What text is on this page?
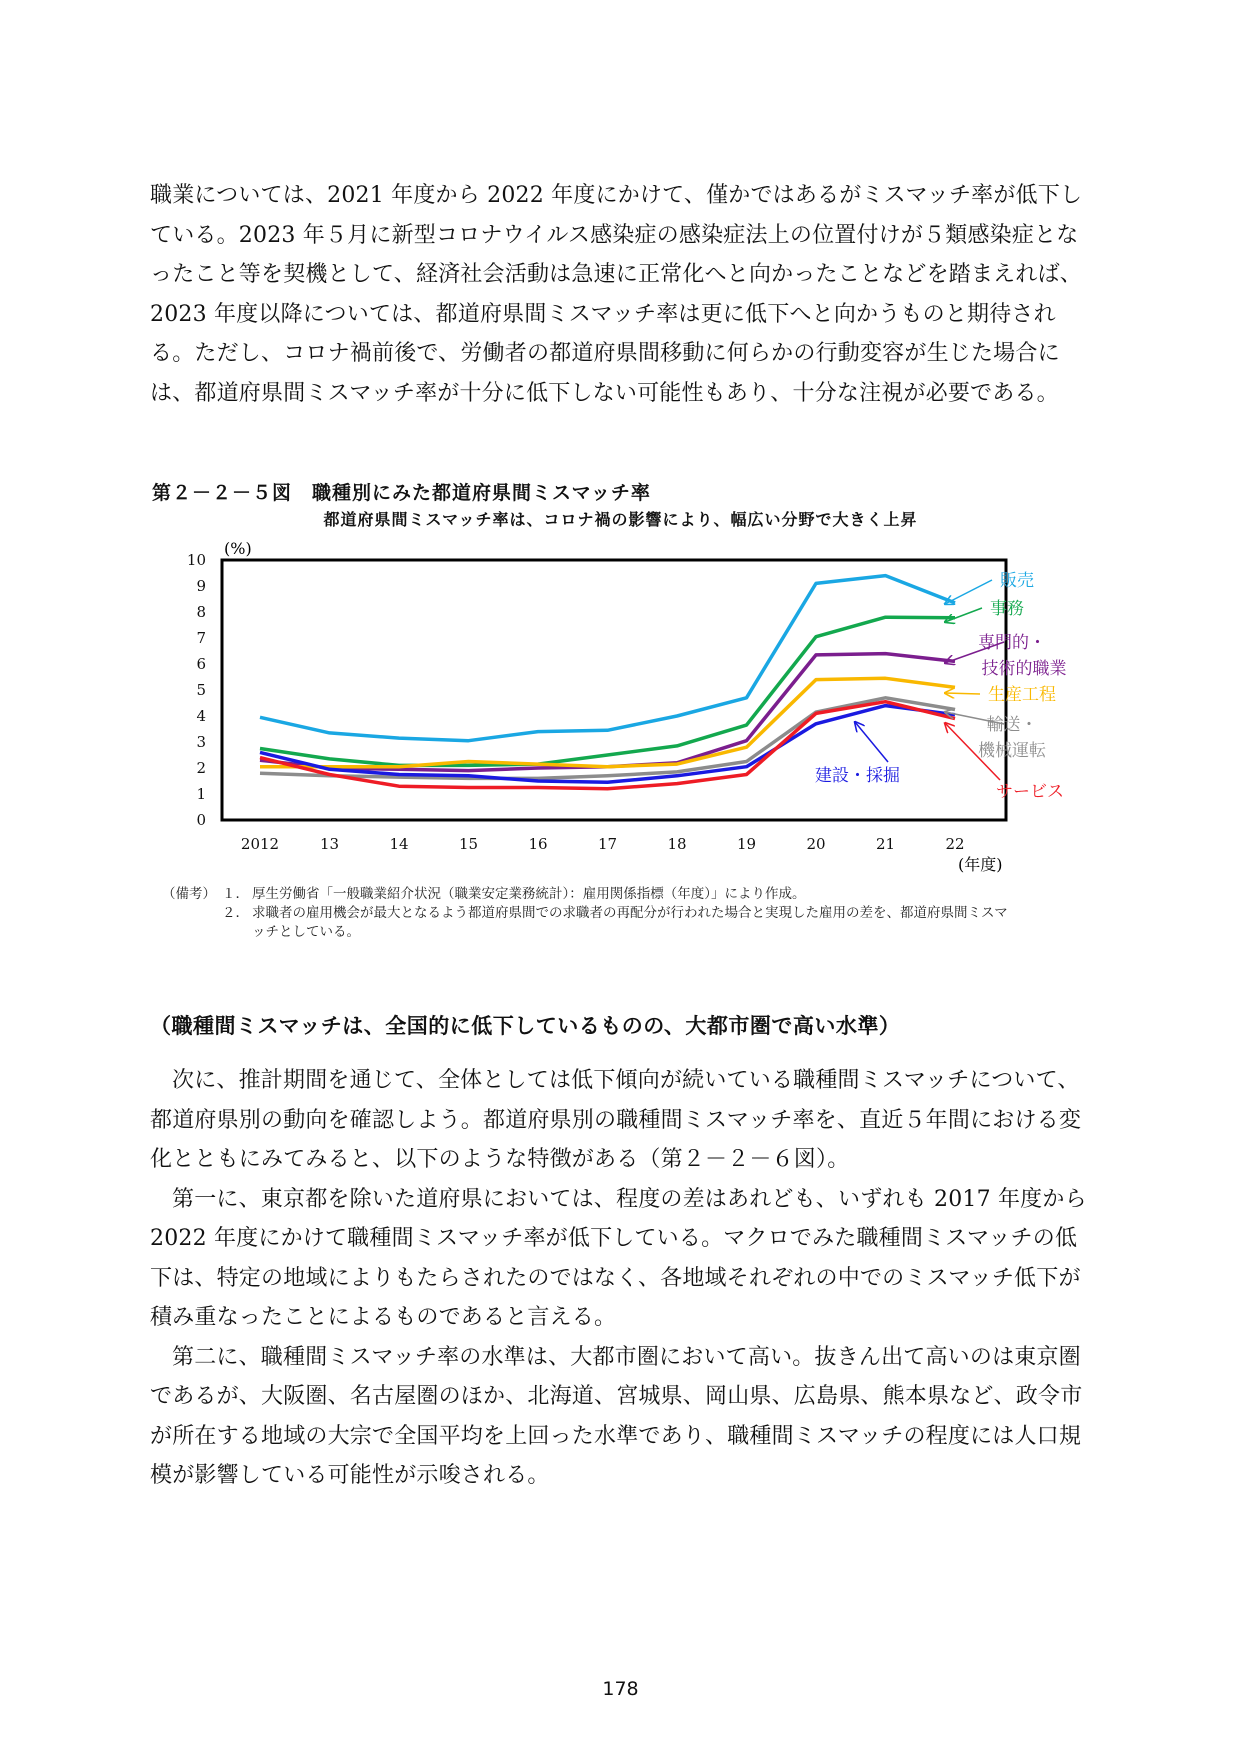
職業については、2021 年度から 2022 年度にかけて、僅かではあるがミスマッチ率が低下している。2023 年５月に新型コロナウイルス感染症の感染症法上の位置付けが５類感染症となったこと等を契機として、経済社会活動は急速に正常化へと向かったことなどを踏まえれば、2023 年度以降については、都道府県間ミスマッチ率は更に低下へと向かうものと期待される。ただし、コロナ禍前後で、労働者の都道府県間移動に何らかの行動変容が生じた場合には、都道府県間ミスマッチ率が十分に低下しない可能性もあり、十分な注視が必要である。

第２－２－５図　職種別にみた都道府県間ミスマッチ率

都道府県間ミスマッチ率は、コロナ禍の影響により、幅広い分野で大きく上昇

0
1
2
3
4
5
6
7
8
9
10
2012	13	14	15	16	17	18	19	20	21	22
(%)
(年度)
販売
事務
専門的・
技術的職業
生産工程
輸送・
機械運転
建設・採掘
サービス
（備考） １． 厚生労働省「一般職業紹介状況（職業安定業務統計）：雇用関係指標（年度）」により作成。
２． 求職者の雇用機会が最大となるよう都道府県間での求職者の再配分が行われた場合と実現した雇用の差を、都道府県間ミスマッチとしている。
（職種間ミスマッチは、全国的に低下しているものの、大都市圏で高い水準）

次に、推計期間を通じて、全体としては低下傾向が続いている職種間ミスマッチについて、都道府県別の動向を確認しよう。都道府県別の職種間ミスマッチ率を、直近５年間における変化とともにみてみると、以下のような特徴がある（第２－２－６図）。

第一に、東京都を除いた道府県においては、程度の差はあれども、いずれも 2017 年度から 2022 年度にかけて職種間ミスマッチ率が低下している。マクロでみた職種間ミスマッチの低下は、特定の地域によりもたらされたのではなく、各地域それぞれの中でのミスマッチ低下が積み重なったことによるものであると言える。

第二に、職種間ミスマッチ率の水準は、大都市圏において高い。抜きん出て高いのは東京圏であるが、大阪圏、名古屋圏のほか、北海道、宮城県、岡山県、広島県、熊本県など、政令市が所在する地域の大宗で全国平均を上回った水準であり、職種間ミスマッチの程度には人口規模が影響している可能性が示唆される。

178
